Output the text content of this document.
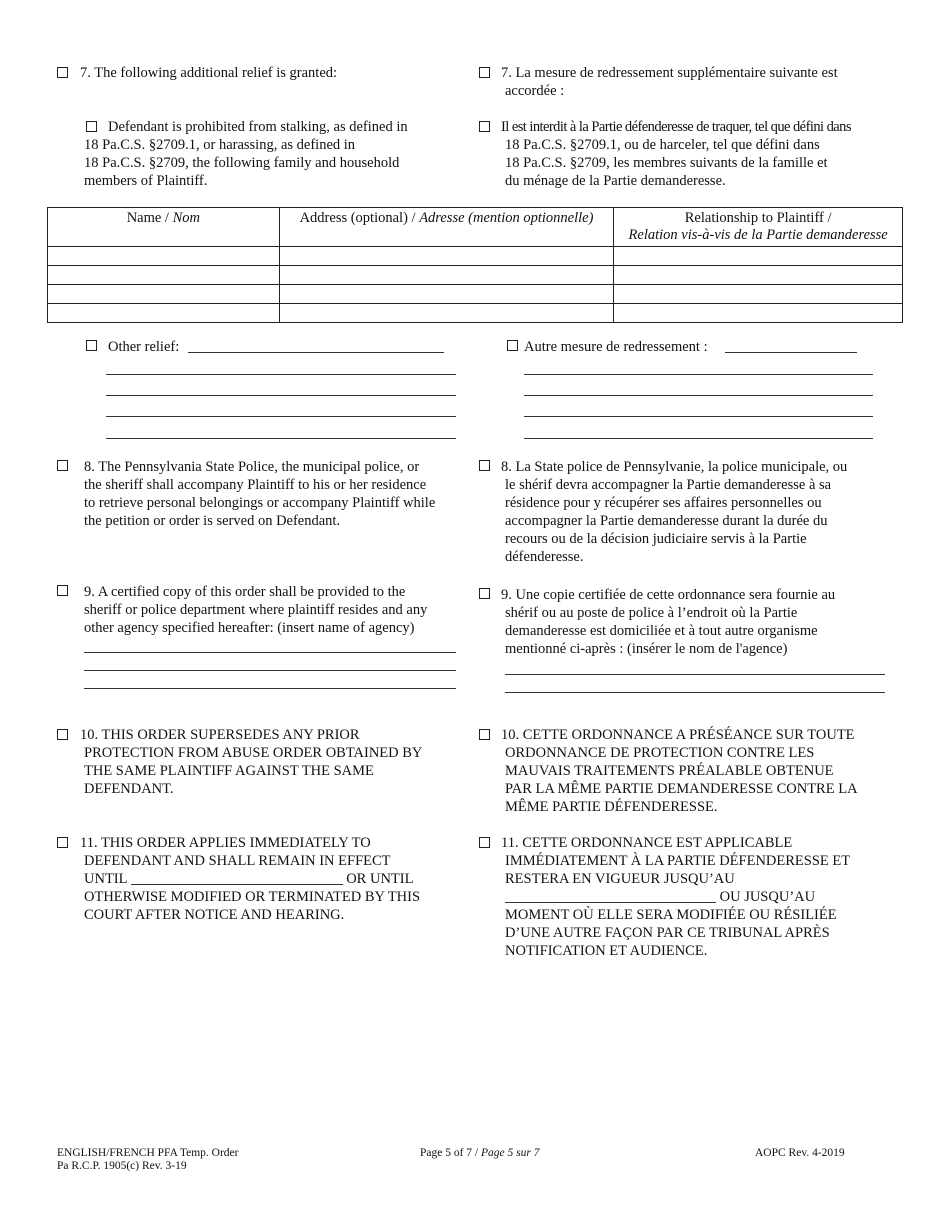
7. The following additional relief is granted:	7. La mesure de redressement supplémentaire suivante est
accordée :
Defendant is prohibited from stalking, as defined in
18 Pa.C.S. §2709.1, or harassing, as defined in
18 Pa.C.S. §2709, the following family and household
members of Plaintiff.
Il est interdit à la Partie défenderesse de traquer, tel que défini dans
18 Pa.C.S. §2709.1, ou de harceler, tel que défini dans
18 Pa.C.S. §2709, les membres suivants de la famille et
du ménage de la Partie demanderesse.
Name / Nom	Address (optional) / Adresse (mention optionnelle)	Relationship to Plaintiff /
Relation vis-à-vis de la Partie demanderesse

Other relief:	Autre mesure de redressement :
8. The Pennsylvania State Police, the municipal police, or
the sheriff shall accompany Plaintiff to his or her residence
to retrieve personal belongings or accompany Plaintiff while
the petition or order is served on Defendant.
8. La State police de Pennsylvanie, la police municipale, ou
le shérif devra accompagner la Partie demanderesse à sa
résidence pour y récupérer ses affaires personnelles ou
accompagner la Partie demanderesse durant la durée du
recours ou de la décision judiciaire servis à la Partie
défenderesse.
9. A certified copy of this order shall be provided to the
sheriff or police department where plaintiff resides and any
other agency specified hereafter: (insert name of agency)
9. Une copie certifiée de cette ordonnance sera fournie au
shérif ou au poste de police à l’endroit où la Partie
demanderesse est domiciliée et à tout autre organisme
mentionné ci-après : (insérer le nom de l'agence)
10. THIS ORDER SUPERSEDES ANY PRIOR
PROTECTION FROM ABUSE ORDER OBTAINED BY
THE SAME PLAINTIFF AGAINST THE SAME
DEFENDANT.
10. CETTE ORDONNANCE A PRÉSÉANCE SUR TOUTE
ORDONNANCE DE PROTECTION CONTRE LES
MAUVAIS TRAITEMENTS PRÉALABLE OBTENUE
PAR LA MÊME PARTIE DEMANDERESSE CONTRE LA
MÊME PARTIE DÉFENDERESSE.
11. THIS ORDER APPLIES IMMEDIATELY TO
DEFENDANT AND SHALL REMAIN IN EFFECT
UNTIL	OR UNTIL
OTHERWISE MODIFIED OR TERMINATED BY THIS
COURT AFTER NOTICE AND HEARING.
11. CETTE ORDONNANCE EST APPLICABLE
IMMÉDIATEMENT À LA PARTIE DÉFENDERESSE ET
RESTERA EN VIGUEUR JUSQU’AU
OU JUSQU’AU
MOMENT OÙ ELLE SERA MODIFIÉE OU RÉSILIÉE
D’UNE AUTRE FAÇON PAR CE TRIBUNAL APRÈS
NOTIFICATION ET AUDIENCE.
ENGLISH/FRENCH PFA Temp. Order
Pa R.C.P. 1905(c) Rev. 3-19
Page 5 of 7 / Page 5 sur 7	AOPC Rev. 4-2019
